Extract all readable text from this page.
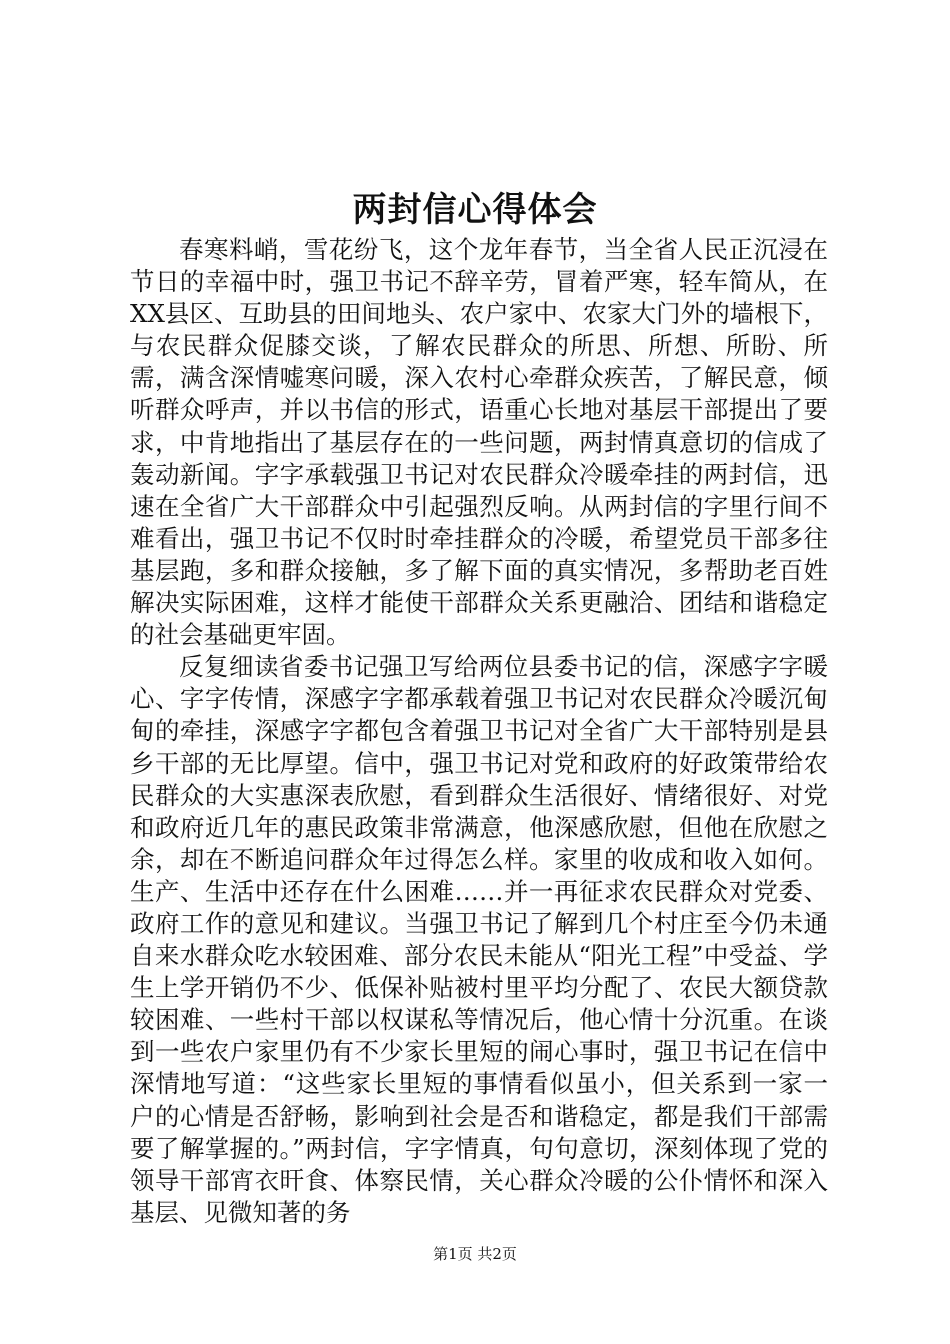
两封信心得体会

春寒料峭，雪花纷飞，这个龙年春节，当全省人民正沉浸在节日的幸福中时，强卫书记不辞辛劳，冒着严寒，轻车简从，在XX县区、互助县的田间地头、农户家中、农家大门外的墙根下，与农民群众促膝交谈，了解农民群众的所思、所想、所盼、所需，满含深情嘘寒问暖，深入农村心牵群众疾苦，了解民意，倾听群众呼声，并以书信的形式，语重心长地对基层干部提出了要求，中肯地指出了基层存在的一些问题，两封情真意切的信成了轰动新闻。字字承载强卫书记对农民群众冷暖牵挂的两封信，迅速在全省广大干部群众中引起强烈反响。从两封信的字里行间不难看出，强卫书记不仅时时牵挂群众的冷暖，希望党员干部多往基层跑，多和群众接触，多了解下面的真实情况，多帮助老百姓解决实际困难，这样才能使干部群众关系更融洽、团结和谐稳定的社会基础更牢固。

反复细读省委书记强卫写给两位县委书记的信，深感字字暖心、字字传情，深感字字都承载着强卫书记对农民群众冷暖沉甸甸的牵挂，深感字字都包含着强卫书记对全省广大干部特别是县乡干部的无比厚望。信中，强卫书记对党和政府的好政策带给农民群众的大实惠深表欣慰，看到群众生活很好、情绪很好、对党和政府近几年的惠民政策非常满意，他深感欣慰，但他在欣慰之余，却在不断追问群众年过得怎么样。家里的收成和收入如何。生产、生活中还存在什么困难……并一再征求农民群众对党委、政府工作的意见和建议。当强卫书记了解到几个村庄至今仍未通自来水群众吃水较困难、部分农民未能从“阳光工程”中受益、学生上学开销仍不少、低保补贴被村里平均分配了、农民大额贷款较困难、一些村干部以权谋私等情况后，他心情十分沉重。在谈到一些农户家里仍有不少家长里短的闹心事时，强卫书记在信中深情地写道：“这些家长里短的事情看似虽小，但关系到一家一户的心情是否舒畅，影响到社会是否和谐稳定，都是我们干部需要了解掌握的。”两封信，字字情真，句句意切，深刻体现了党的领导干部宵衣旰食、体察民情，关心群众冷暖的公仆情怀和深入基层、见微知著的务

第1页 共2页
